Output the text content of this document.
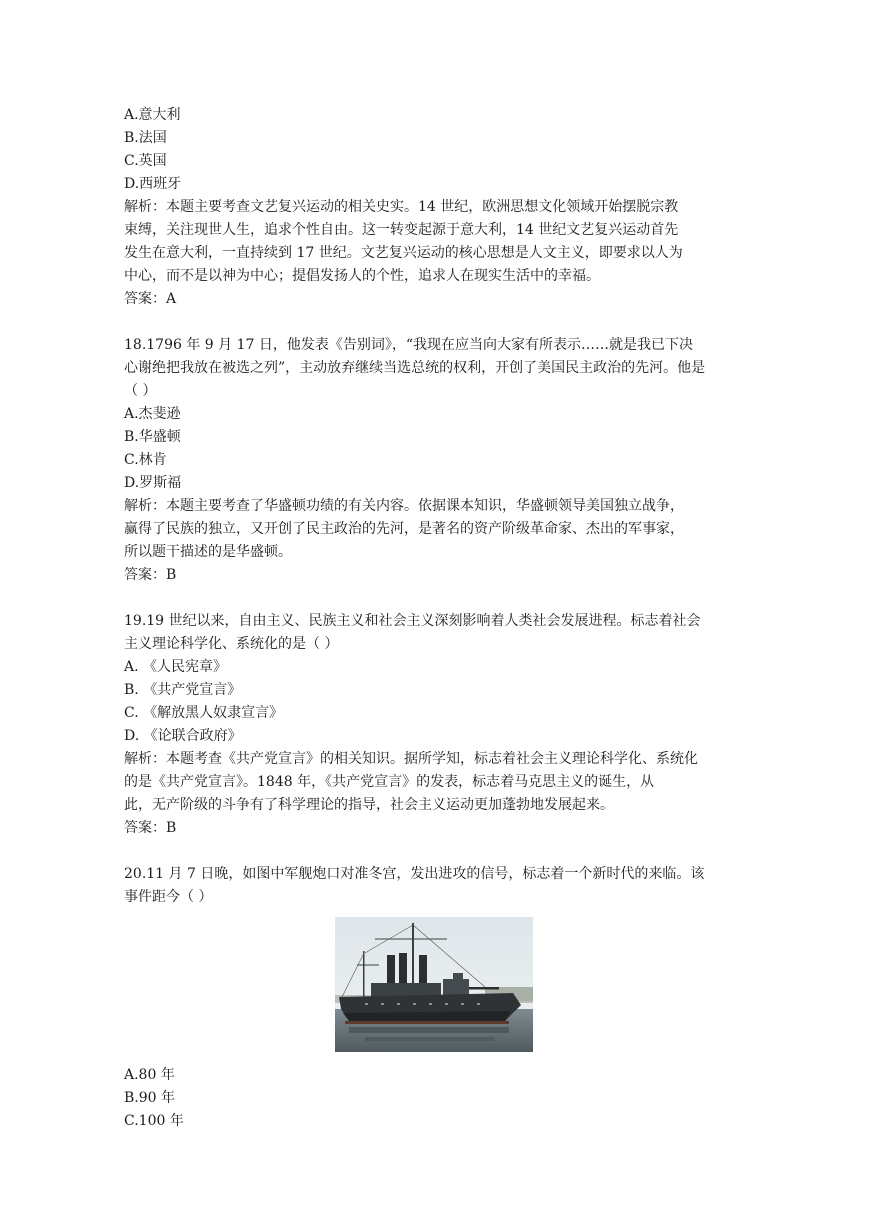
A.意大利
B.法国
C.英国
D.西班牙
解析：本题主要考查文艺复兴运动的相关史实。14 世纪，欧洲思想文化领域开始摆脱宗教
束缚，关注现世人生，追求个性自由。这一转变起源于意大利，14 世纪文艺复兴运动首先
发生在意大利，一直持续到 17 世纪。文艺复兴运动的核心思想是人文主义，即要求以人为
中心，而不是以神为中心；提倡发扬人的个性，追求人在现实生活中的幸福。
答案：A
18.1796 年 9 月 17 日，他发表《告别词》，“我现在应当向大家有所表示……就是我已下决
心谢绝把我放在被选之列”，主动放弃继续当选总统的权利，开创了美国民主政治的先河。他是
（ ）
A.杰斐逊
B.华盛顿
C.林肯
D.罗斯福
解析：本题主要考查了华盛顿功绩的有关内容。依据课本知识，华盛顿领导美国独立战争，
赢得了民族的独立，又开创了民主政治的先河，是著名的资产阶级革命家、杰出的军事家，
所以题干描述的是华盛顿。
答案：B
19.19 世纪以来，自由主义、民族主义和社会主义深刻影响着人类社会发展进程。标志着社会
主义理论科学化、系统化的是（ ）
A. 《人民宪章》
B. 《共产党宣言》
C. 《解放黑人奴隶宣言》
D. 《论联合政府》
解析：本题考查《共产党宣言》的相关知识。据所学知，标志着社会主义理论科学化、系统化
的是《共产党宣言》。1848 年，《共产党宣言》的发表，标志着马克思主义的诞生，从
此，无产阶级的斗争有了科学理论的指导，社会主义运动更加蓬勃地发展起来。
答案：B
20.11 月 7 日晚，如图中军舰炮口对准冬宫，发出进攻的信号，标志着一个新时代的来临。该
事件距今（ ）
A.80 年
B.90 年
C.100 年
